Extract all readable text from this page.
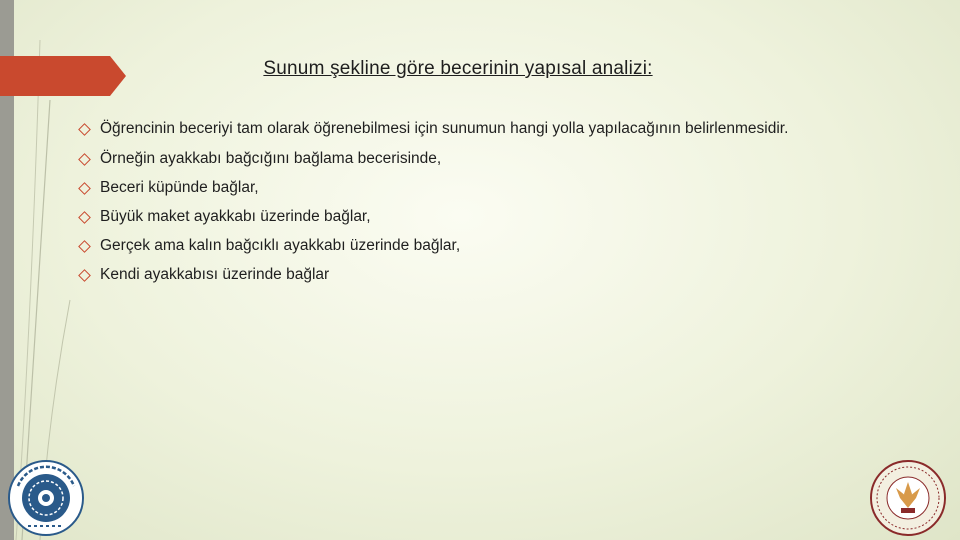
Sunum şekline göre becerinin yapısal analizi:
Öğrencinin beceriyi tam olarak öğrenebilmesi için sunumun hangi yolla yapılacağının belirlenmesidir.
Örneğin ayakkabı bağcığını bağlama becerisinde,
Beceri küpünde bağlar,
Büyük maket ayakkabı üzerinde bağlar,
Gerçek ama kalın bağcıklı ayakkabı üzerinde bağlar,
Kendi ayakkabısı üzerinde bağlar
